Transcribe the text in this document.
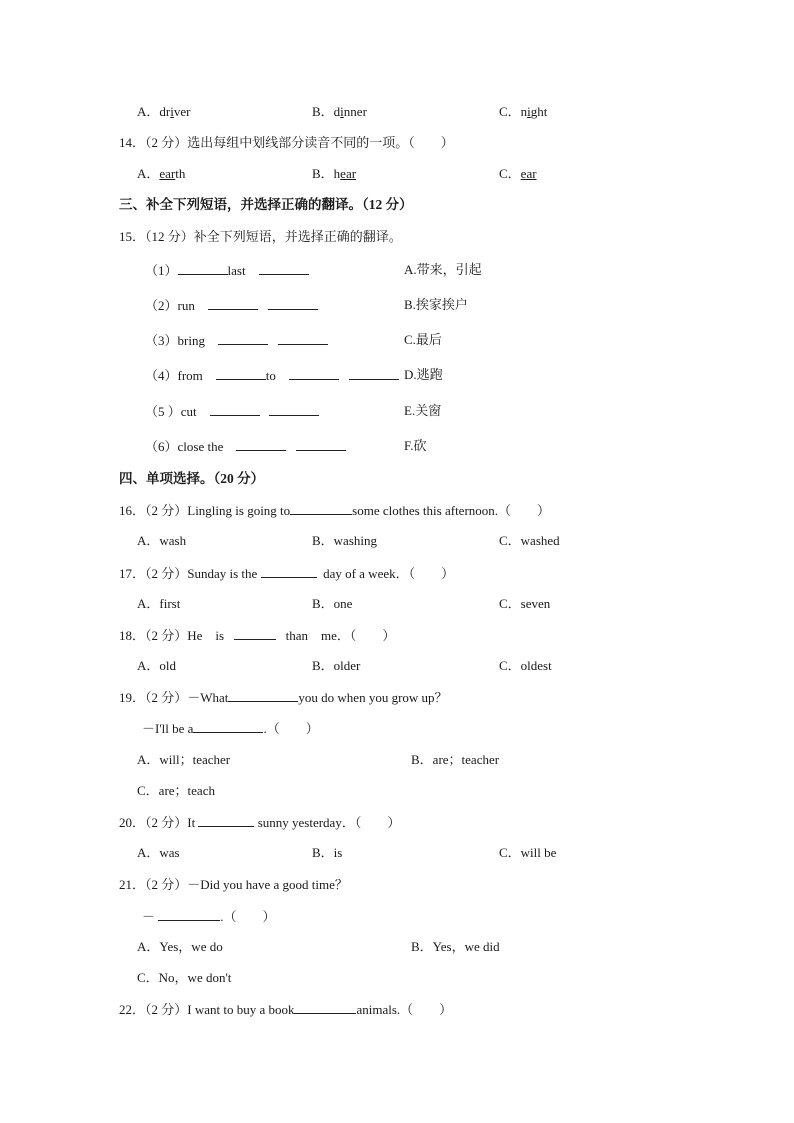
A．driver	B．dinner	C．night
14．（2 分）选出每组中划线部分读音不同的一项。（　　）
A．earth	B．hear	C．ear
三、补全下列短语，并选择正确的翻译。（12 分）
15．（12 分）补全下列短语，并选择正确的翻译。
（1）	last	A.带来，引起
（2）run	B.挨家挨户
（3）bring	C.最后
（4）from	to	D.逃跑
（5 ）cut	E.关窗
（6）close the	F.砍
四、单项选择。（20 分）
16．（2 分）Lingling is going to	some clothes this afternoon.（　　）
A．wash	B．washing	C．washed
17．（2 分）Sunday is the	day of a week．（　　）
A．first	B．one	C．seven
18．（2 分）He　is	than　me．（　　）
A．old	B．older	C．oldest
19．（2 分）－What	you do when you grow up？
－I'll be a	.（　　）
A．will；teacher	B．are；teacher
C．are；teach
20．（2 分）It	sunny yesterday．（　　）
A．was	B．is	C．will be
21．（2 分）－Did you have a good time？
－	.（　　）
A．Yes，we do	B．Yes，we did
C．No，we don't
22．（2 分）I want to buy a book	animals.（　　）
